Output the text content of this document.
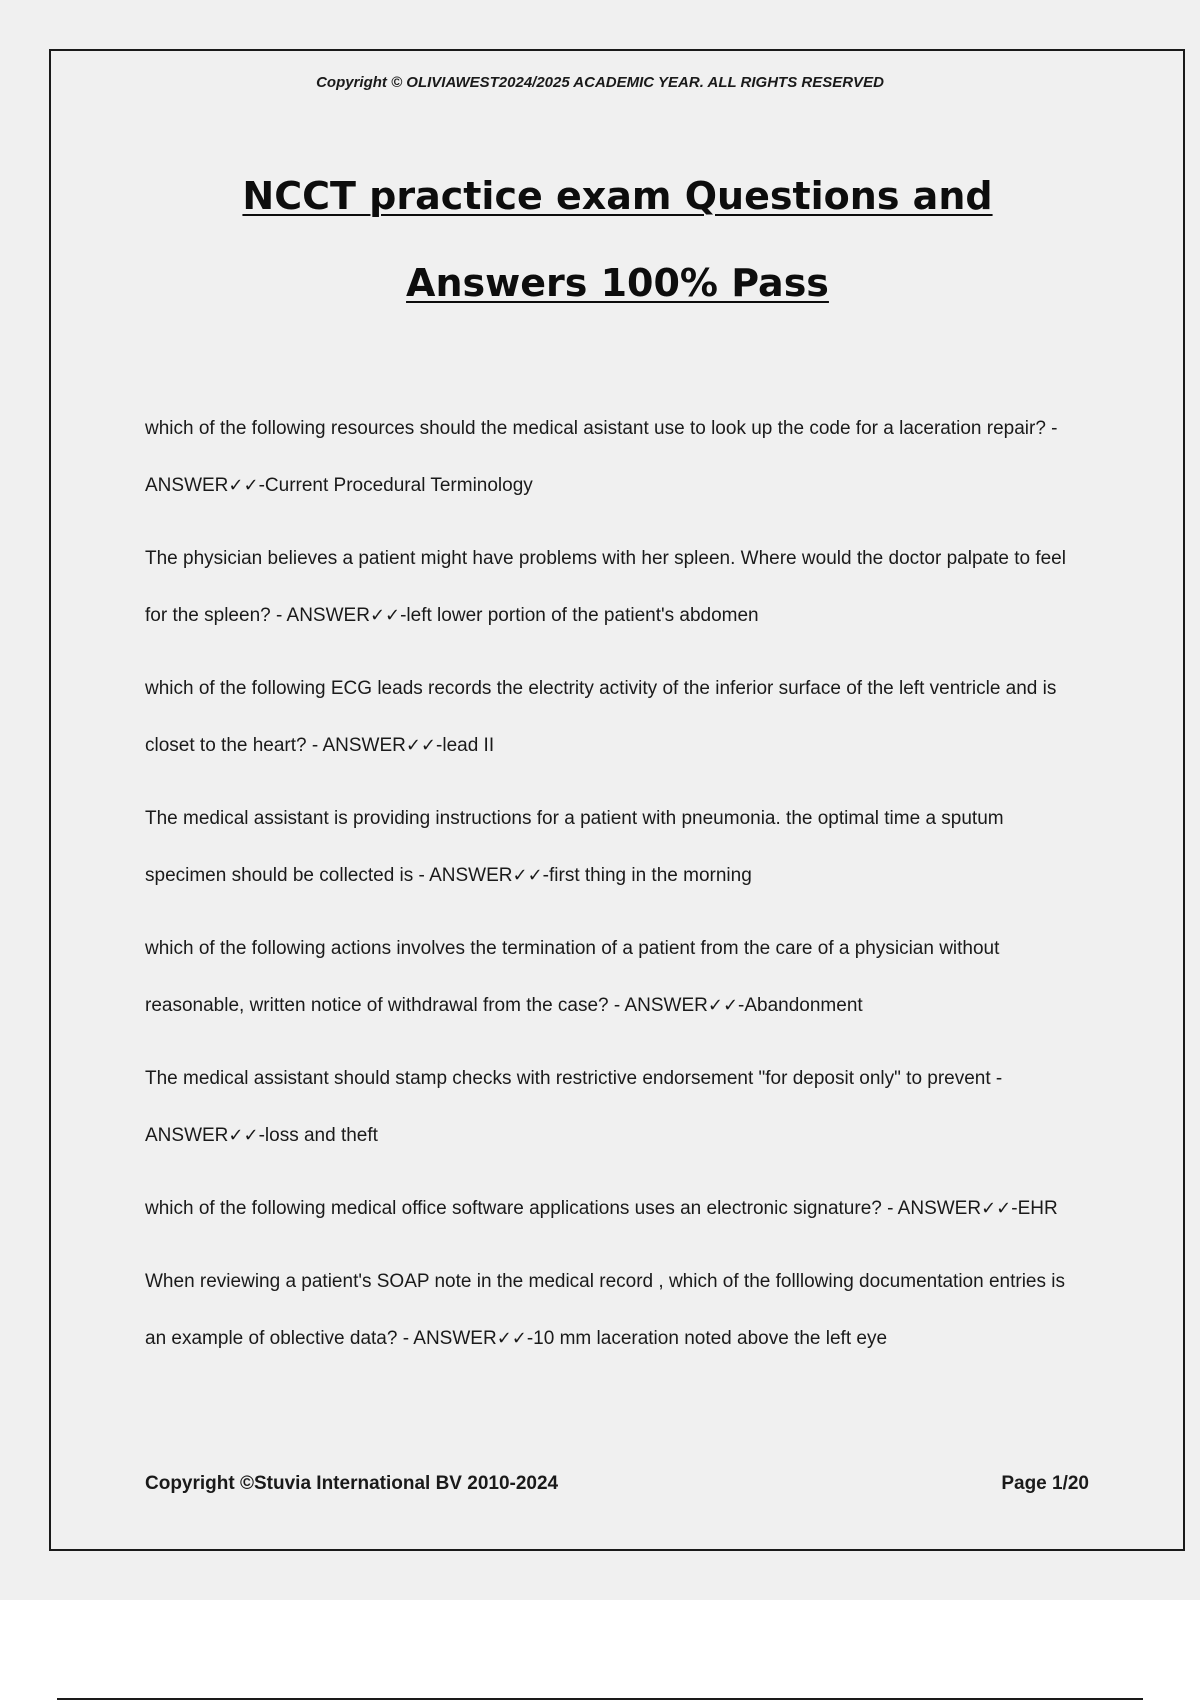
Copyright © OLIVIAWEST2024/2025 ACADEMIC YEAR. ALL RIGHTS RESERVED
NCCT practice exam Questions and
Answers 100% Pass
which of the following resources should the medical asistant use to look up the code for a laceration repair? - ANSWER✓✓-Current Procedural Terminology
The physician believes a patient might have problems with her spleen. Where would the doctor palpate to feel for the spleen? - ANSWER✓✓-left lower portion of the patient's abdomen
which of the following ECG leads records the electrity activity of the inferior surface of the left ventricle and is closet to the heart? - ANSWER✓✓-lead II
The medical assistant is providing instructions for a patient with pneumonia. the optimal time a sputum specimen should be collected is - ANSWER✓✓-first thing in the morning
which of the following actions involves the termination of a patient from the care of a physician without reasonable, written notice of withdrawal from the case? - ANSWER✓✓-Abandonment
The medical assistant should stamp checks with restrictive endorsement "for deposit only" to prevent - ANSWER✓✓-loss and theft
which of the following medical office software applications uses an electronic signature? - ANSWER✓✓-EHR
When reviewing a patient's SOAP note in the medical record , which of the folllowing documentation entries is an example of oblective data? - ANSWER✓✓-10 mm laceration noted above the left eye
Copyright ©Stuvia International BV 2010-2024	Page 1/20
